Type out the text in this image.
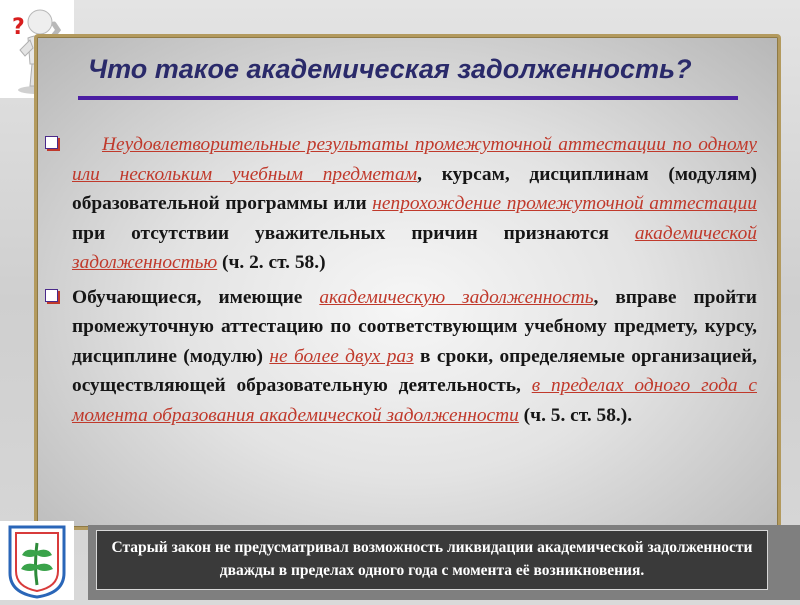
?
Что такое академическая задолженность?
Неудовлетворительные результаты промежуточной аттестации по одному или нескольким учебным предметам, курсам, дисциплинам (модулям) образовательной программы или непрохождение промежуточной аттестации при отсутствии уважительных причин признаются академической задолженностью (ч. 2. ст. 58.)
Обучающиеся, имеющие академическую задолженность, вправе пройти промежуточную аттестацию по соответствующим учебному предмету, курсу, дисциплине (модулю) не более двух раз в сроки, определяемые организацией, осуществляющей образовательную деятельность, в пределах одного года с момента образования академической задолженности (ч. 5. ст. 58.).
Старый закон не предусматривал возможность ликвидации академической задолженности дважды в пределах одного года с момента её возникновения.
